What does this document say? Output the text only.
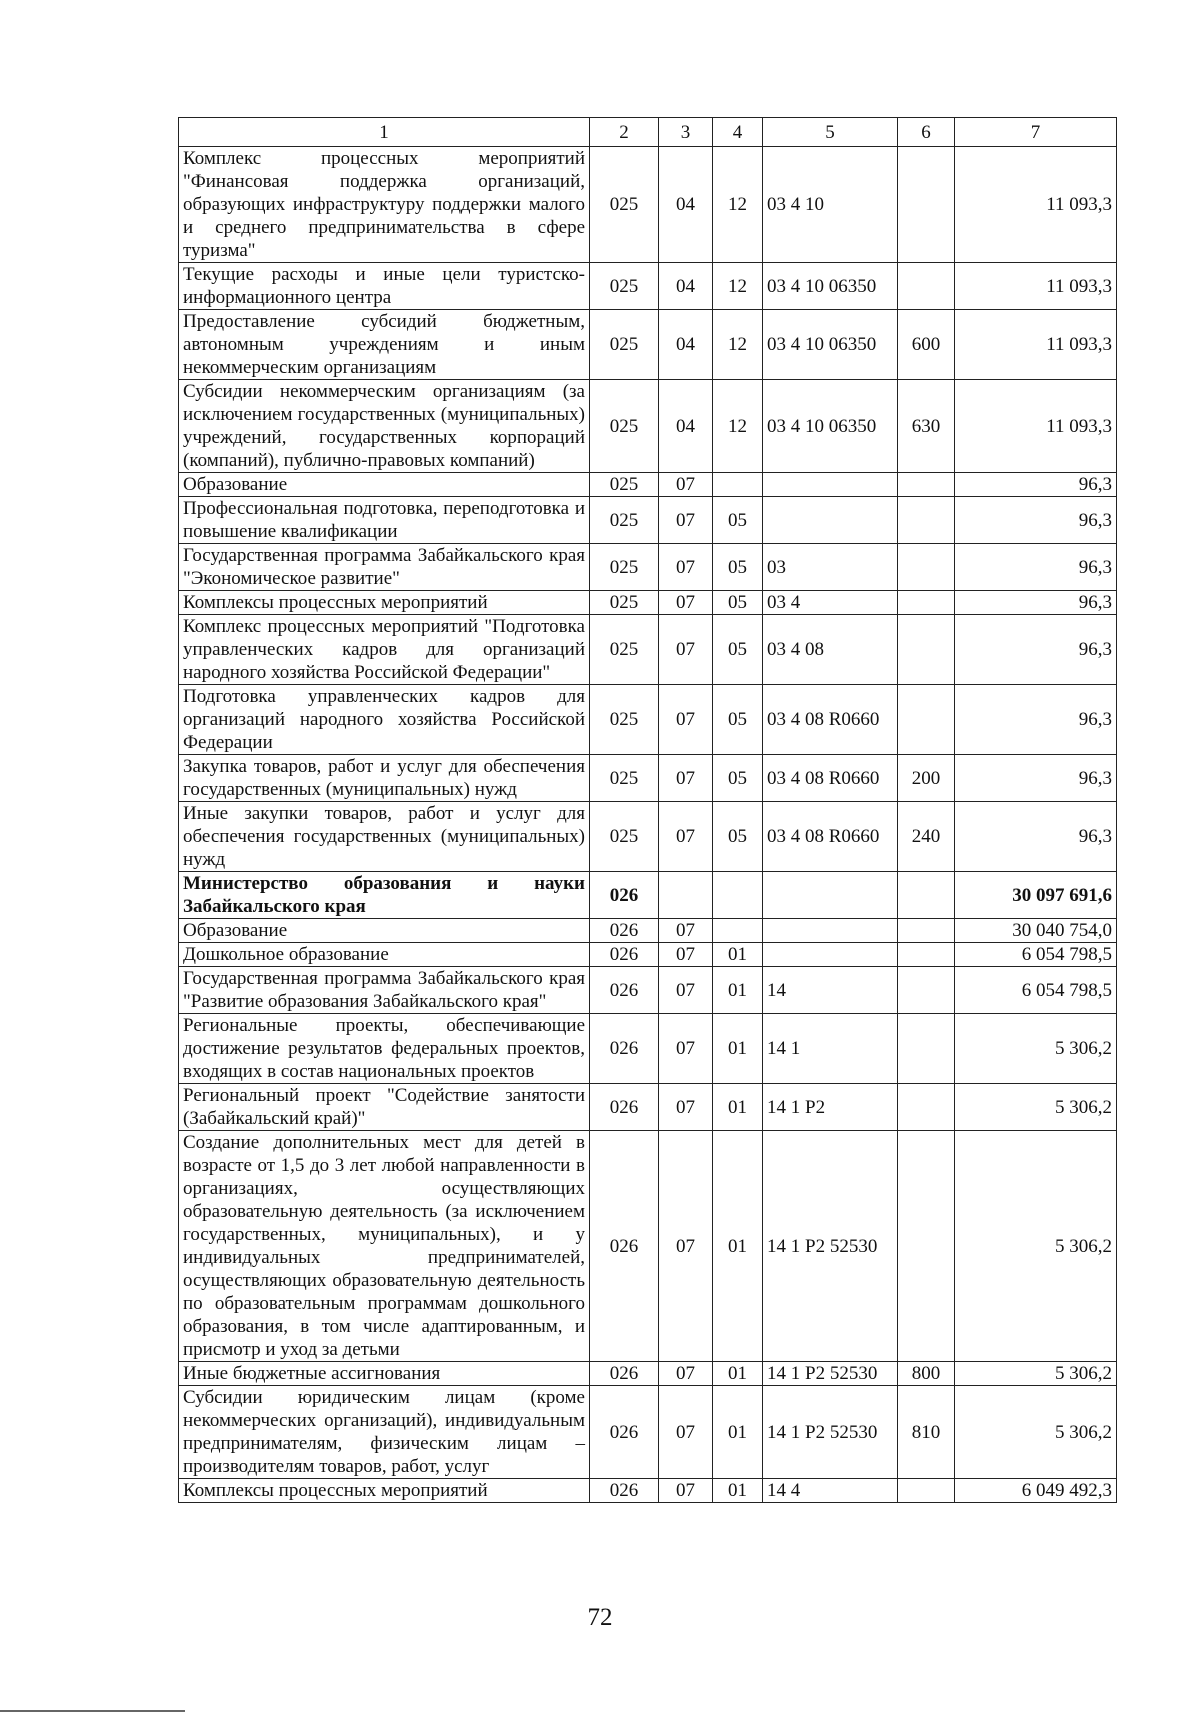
1	2	3	4	5	6	7
Комплекс процессных мероприятий "Финансовая поддержка организаций, образующих инфраструктуру поддержки малого и среднего предпринимательства в сфере туризма"	025	04	12	03 4 10		11 093,3
Текущие расходы и иные цели туристско-информационного центра	025	04	12	03 4 10 06350		11 093,3
Предоставление субсидий бюджетным, автономным учреждениям и иным некоммерческим организациям	025	04	12	03 4 10 06350	600	11 093,3
Субсидии некоммерческим организациям (за исключением государственных (муниципальных) учреждений, государственных корпораций (компаний), публично-правовых компаний)	025	04	12	03 4 10 06350	630	11 093,3
Образование	025	07				96,3
Профессиональная подготовка, переподготовка и повышение квалификации	025	07	05			96,3
Государственная программа Забайкальского края "Экономическое развитие"	025	07	05	03		96,3
Комплексы процессных мероприятий	025	07	05	03 4		96,3
Комплекс процессных мероприятий "Подготовка управленческих кадров для организаций народного хозяйства Российской Федерации"	025	07	05	03 4 08		96,3
Подготовка управленческих кадров для организаций народного хозяйства Российской Федерации	025	07	05	03 4 08 R0660		96,3
Закупка товаров, работ и услуг для обеспечения государственных (муниципальных) нужд	025	07	05	03 4 08 R0660	200	96,3
Иные закупки товаров, работ и услуг для обеспечения государственных (муниципальных) нужд	025	07	05	03 4 08 R0660	240	96,3
Министерство образования и науки Забайкальского края	026					30 097 691,6
Образование	026	07				30 040 754,0
Дошкольное образование	026	07	01			6 054 798,5
Государственная программа Забайкальского края "Развитие образования Забайкальского края"	026	07	01	14		6 054 798,5
Региональные проекты, обеспечивающие достижение результатов федеральных проектов, входящих в состав национальных проектов	026	07	01	14 1		5 306,2
Региональный проект "Содействие занятости (Забайкальский край)"	026	07	01	14 1 P2		5 306,2
Создание дополнительных мест для детей в возрасте от 1,5 до 3 лет любой направленности в организациях, осуществляющих образовательную деятельность (за исключением государственных, муниципальных), и у индивидуальных предпринимателей, осуществляющих образовательную деятельность по образовательным программам дошкольного образования, в том числе адаптированным, и присмотр и уход за детьми	026	07	01	14 1 P2 52530		5 306,2
Иные бюджетные ассигнования	026	07	01	14 1 P2 52530	800	5 306,2
Субсидии юридическим лицам (кроме некоммерческих организаций), индивидуальным предпринимателям, физическим лицам – производителям товаров, работ, услуг	026	07	01	14 1 P2 52530	810	5 306,2
Комплексы процессных мероприятий	026	07	01	14 4		6 049 492,3
72
